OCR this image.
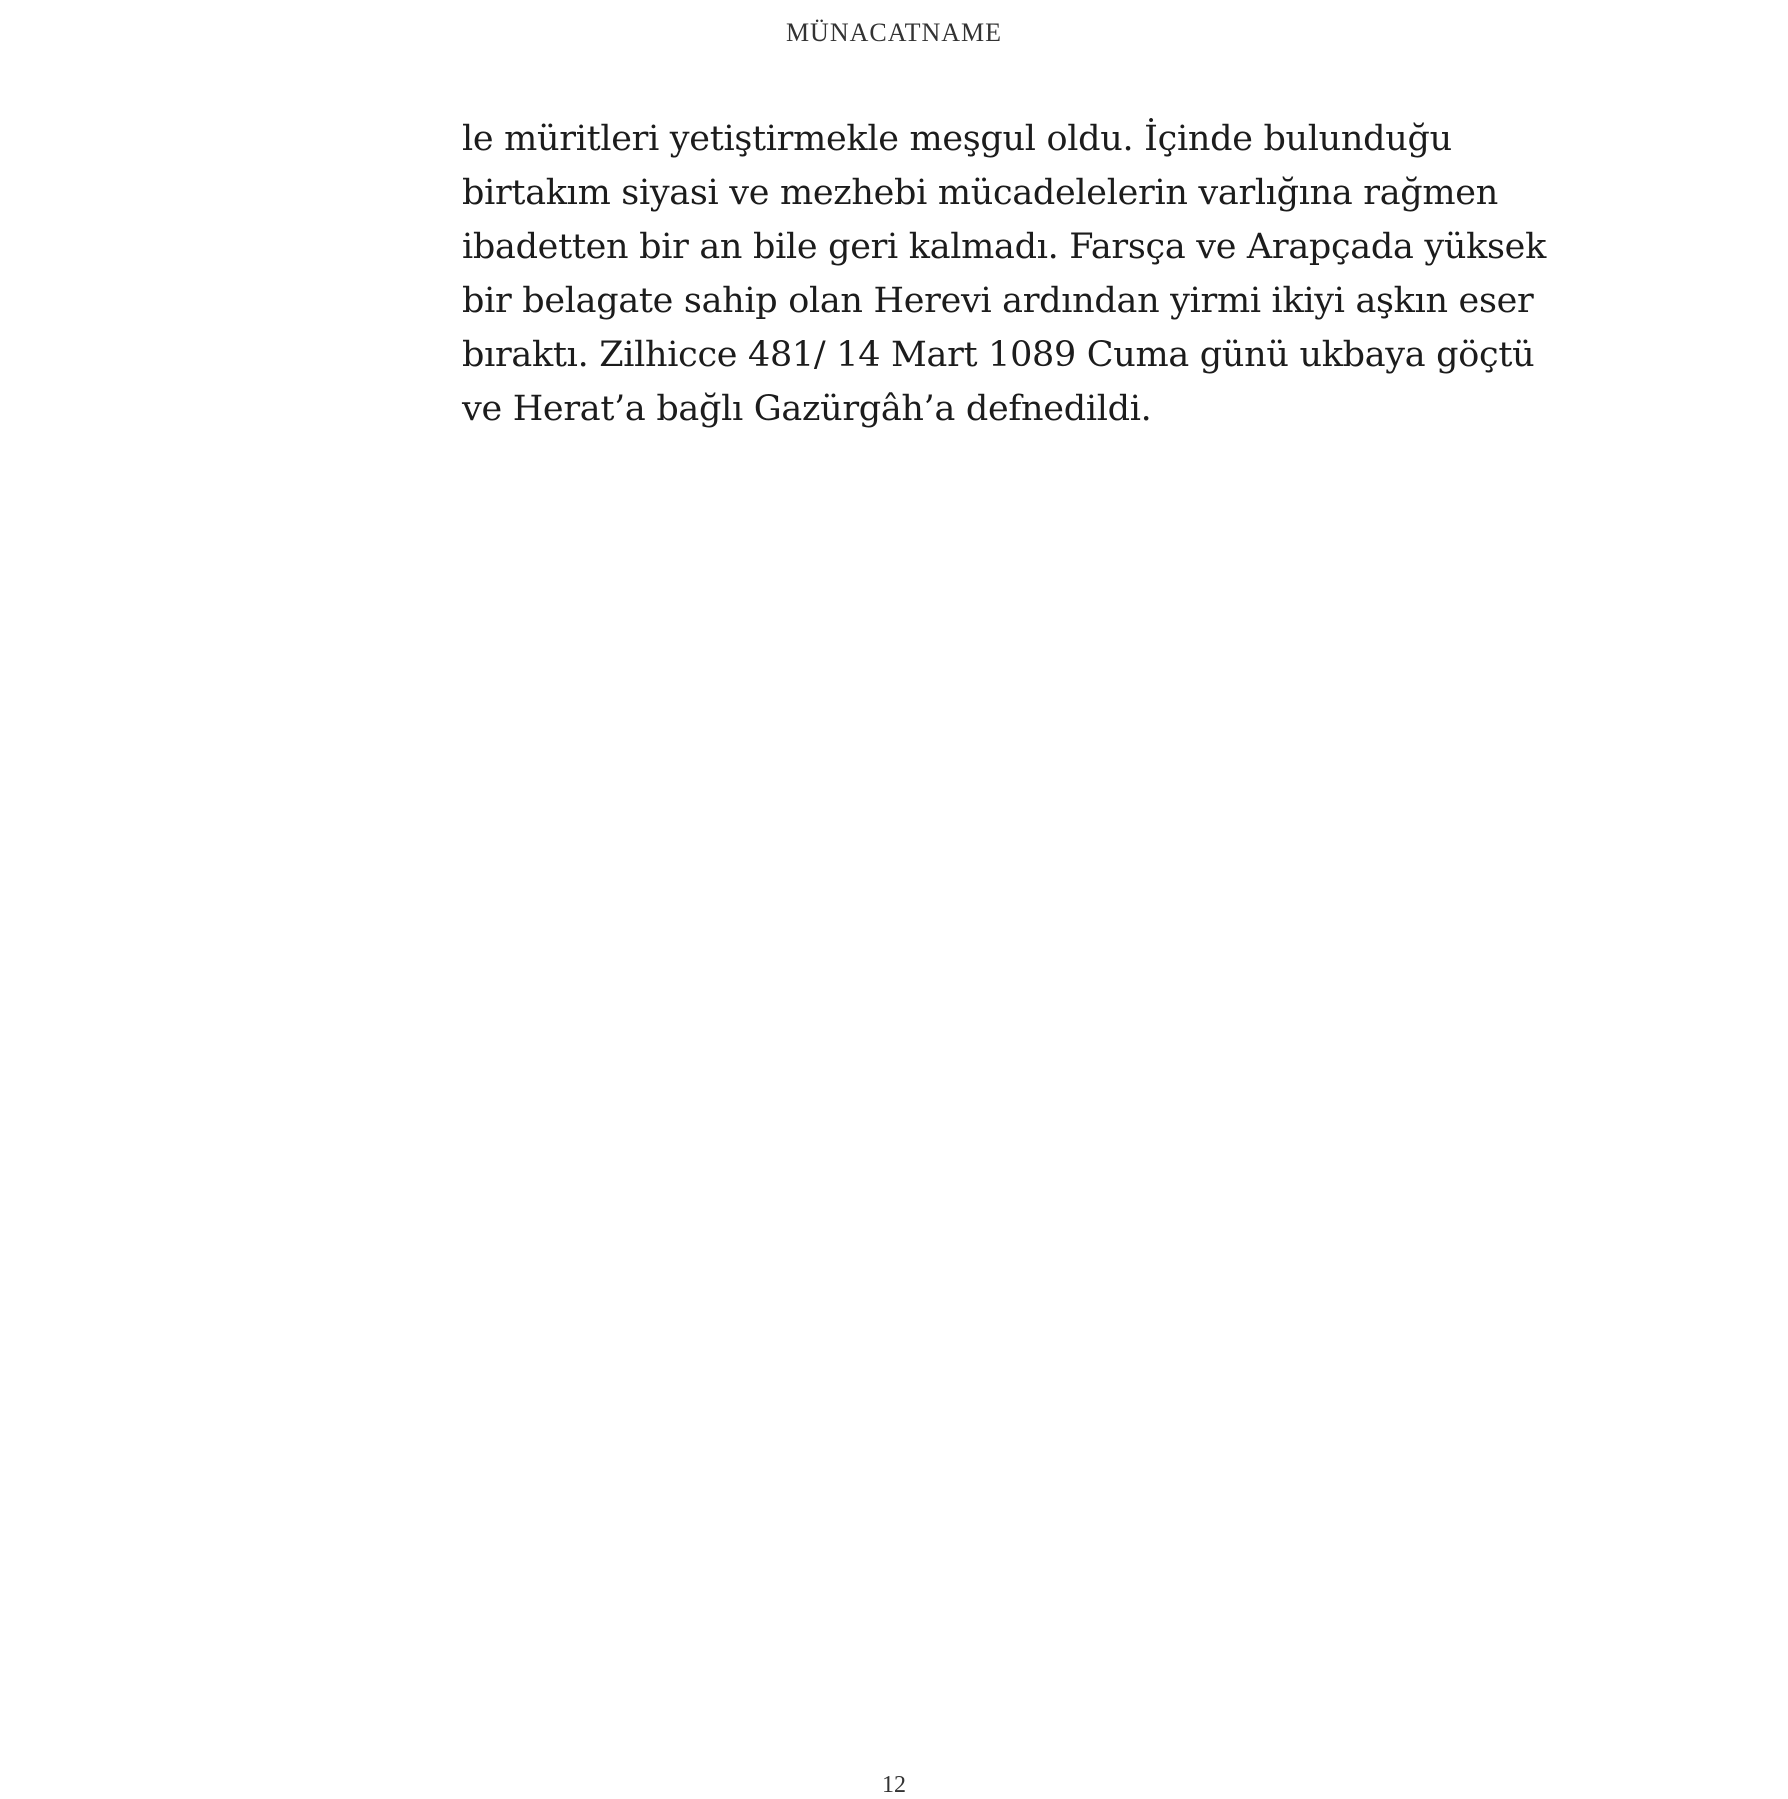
MÜNACATNAME
le müritleri yetiştirmekle meşgul oldu. İçinde bulunduğu
birtakım siyasi ve mezhebi mücadelelerin varlığına rağmen
ibadetten bir an bile geri kalmadı. Farsça ve Arapçada yüksek
bir belagate sahip olan Herevi ardından yirmi ikiyi aşkın eser
bıraktı. Zilhicce 481/ 14 Mart 1089 Cuma günü ukbaya göçtü
ve Herat’a bağlı Gazürgâh’a defnedildi.
12
